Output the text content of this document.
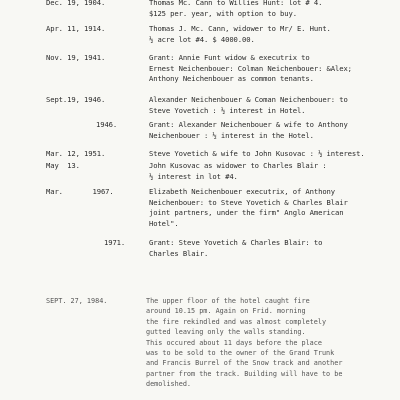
Dec. 19, 1904.	Thomas Mc. Cann to Willies Hunt: lot # 4.
$125 per. year, with option to buy.
Apr. 11, 1914.	Thomas J. Mc. Cann, widower to Mr/ E. Hunt.
½ acre lot #4. $ 4000.00.
Nov. 19, 1941.	Grant: Annie Funt widow & executrix to
Ernest Neichenbouer: Colman Neichenbouer: &Alex;
Anthony Neichenbouer as common tenants.
Sept.19, 1946.	Alexander Neichenbouer & Coman Neichenbouer: to
Steve Yovetich : ½ interest in Hotel.
1946.	Grant: Alexander Neichenbouer & wife to Anthony
Neichenbouer : ½ interest in the Hotel.
Mar. 12, 1951.	Steve Yovetich & wife to John Kusovac : ½ interest.
May  13.	John Kusovac as widower to Charles Blair :
½ interest in lot #4.
Mar.       1967.	Elizabeth Neichenbouer executrix, of Anthony
Neichenbouer: to Steve Yovetich & Charles Blair
joint partners, under the firm" Anglo American
Hotel".
1971.	Grant: Steve Yovetich & Charles Blair: to
Charles Blair.
SEPT. 27, 1984.	The upper floor of the hotel caught fire
around 10.15 pm. Again on Frid. morning
the fire rekindled and was almost completely
gutted leaving only the walls standing.
This occured about 11 days before the place
was to be sold to the owner of the Grand Trunk
and Francis Burrel of the Snow track and another
partner from the track. Building will have to be
demolished.
